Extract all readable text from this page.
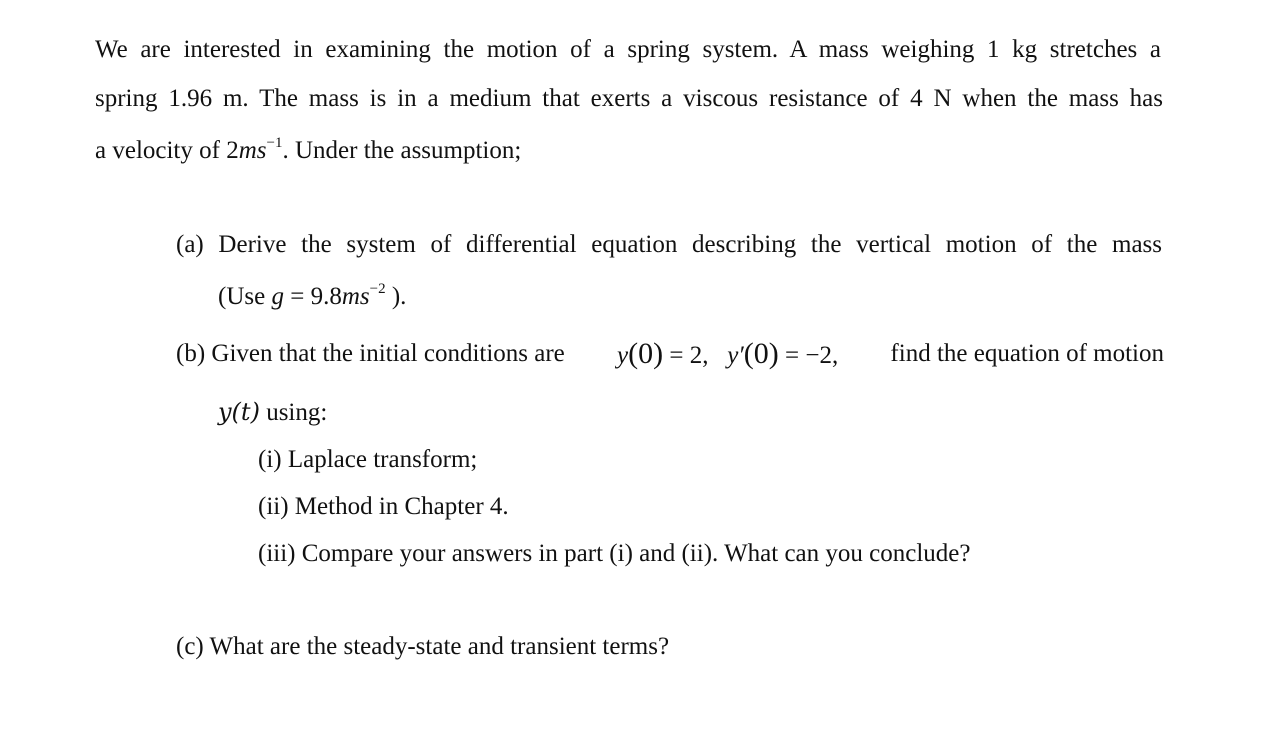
We are interested in examining the motion of a spring system. A mass weighing 1 kg stretches a
spring 1.96 m. The mass is in a medium that exerts a viscous resistance of 4 N when the mass has
a velocity of $2ms^{-1}$. Under the assumption;
(a) Derive the system of differential equation describing the vertical motion of the mass
(Use $g = 9.8ms^{-2}$ ).
(b) Given that the initial conditions are y(0) = 2, y′(0) = −2, find the equation of motion
y(t) using:
(i) Laplace transform;
(ii) Method in Chapter 4.
(iii) Compare your answers in part (i) and (ii). What can you conclude?
(c) What are the steady-state and transient terms?
